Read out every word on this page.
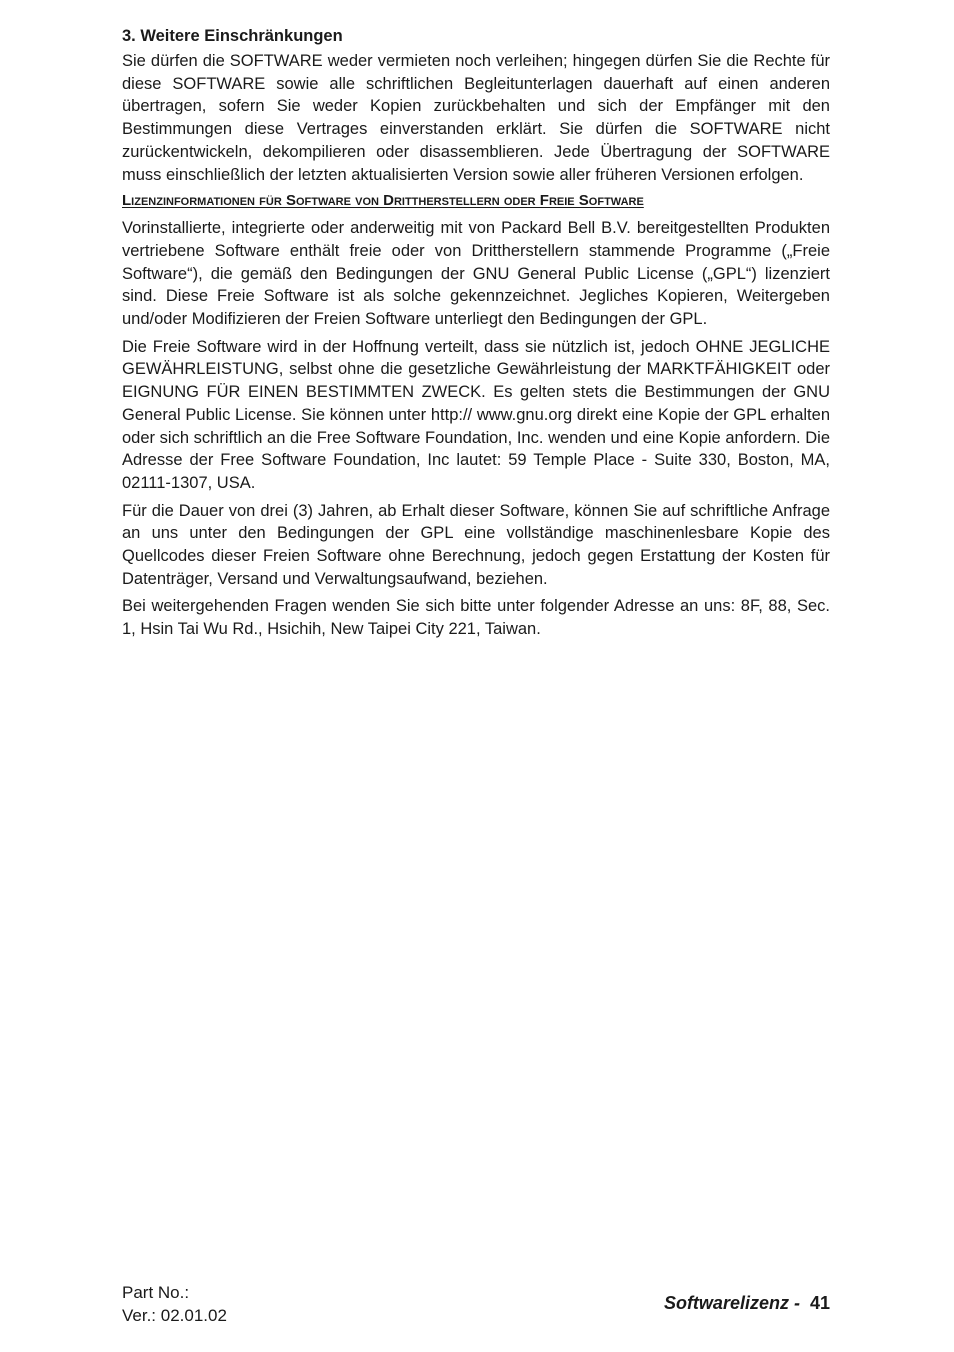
3. Weitere Einschränkungen

Sie dürfen die SOFTWARE weder vermieten noch verleihen; hingegen dürfen Sie die Rechte für diese SOFTWARE sowie alle schriftlichen Begleitunterlagen dauerhaft auf einen anderen übertragen, sofern Sie weder Kopien zurückbehalten und sich der Empfänger mit den Bestimmungen diese Vertrages einverstanden erklärt. Sie dürfen die SOFTWARE nicht zurückentwickeln, dekompilieren oder disassemblieren. Jede Übertragung der SOFTWARE muss einschließlich der letzten aktualisierten Version sowie aller früheren Versionen erfolgen.

Lizenzinformationen für Software von Drittherstellern oder Freie Software

Vorinstallierte, integrierte oder anderweitig mit von Packard Bell B.V. bereitgestellten Produkten vertriebene Software enthält freie oder von Drittherstellern stammende Programme („Freie Software“), die gemäß den Bedingungen der GNU General Public License („GPL“) lizenziert sind. Diese Freie Software ist als solche gekennzeichnet. Jegliches Kopieren, Weitergeben und/oder Modifizieren der Freien Software unterliegt den Bedingungen der GPL.

Die Freie Software wird in der Hoffnung verteilt, dass sie nützlich ist, jedoch OHNE JEGLICHE GEWÄHRLEISTUNG, selbst ohne die gesetzliche Gewährleistung der MARKTFÄHIGKEIT oder EIGNUNG FÜR EINEN BESTIMMTEN ZWECK. Es gelten stets die Bestimmungen der GNU General Public License. Sie können unter http:// www.gnu.org direkt eine Kopie der GPL erhalten oder sich schriftlich an die Free Software Foundation, Inc. wenden und eine Kopie anfordern. Die Adresse der Free Software Foundation, Inc lautet: 59 Temple Place - Suite 330, Boston, MA, 02111-1307, USA.

Für die Dauer von drei (3) Jahren, ab Erhalt dieser Software, können Sie auf schriftliche Anfrage an uns unter den Bedingungen der GPL eine vollständige maschinenlesbare Kopie des Quellcodes dieser Freien Software ohne Berechnung, jedoch gegen Erstattung der Kosten für Datenträger, Versand und Verwaltungsaufwand, beziehen.

Bei weitergehenden Fragen wenden Sie sich bitte unter folgender Adresse an uns: 8F, 88, Sec. 1, Hsin Tai Wu Rd., Hsichih, New Taipei City 221, Taiwan.

Part No.:
Ver.: 02.01.02
Softwarelizenz - 41
